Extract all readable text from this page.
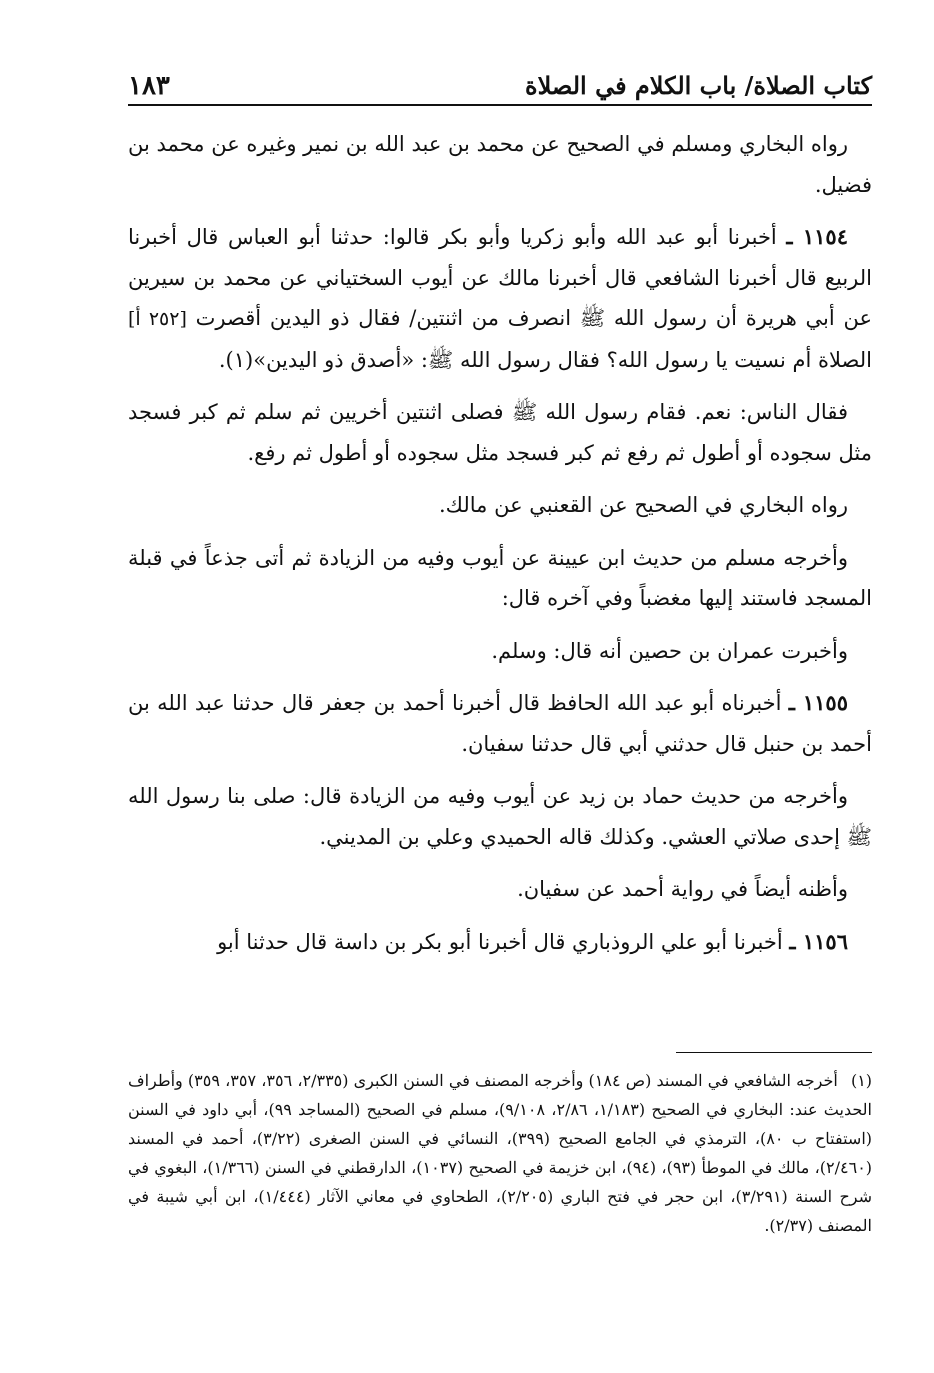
كتاب الصلاة/ باب الكلام في الصلاة
١٨٣

رواه البخاري ومسلم في الصحيح عن محمد بن عبد الله بن نمير وغيره عن محمد بن فضيل.

١١٥٤ ـ أخبرنا أبو عبد الله وأبو زكريا وأبو بكر قالوا: حدثنا أبو العباس قال أخبرنا الربيع قال أخبرنا الشافعي قال أخبرنا مالك عن أيوب السختياني عن محمد بن سيرين عن أبي هريرة أن رسول الله ﷺ انصرف من اثنتين/ فقال ذو اليدين أقصرت [٢٥٢ أ] الصلاة أم نسيت يا رسول الله؟ فقال رسول الله ﷺ: «أصدق ذو اليدين»(١).

فقال الناس: نعم. فقام رسول الله ﷺ فصلى اثنتين أخريين ثم سلم ثم كبر فسجد مثل سجوده أو أطول ثم رفع ثم كبر فسجد مثل سجوده أو أطول ثم رفع.

رواه البخاري في الصحيح عن القعنبي عن مالك.

وأخرجه مسلم من حديث ابن عيينة عن أيوب وفيه من الزيادة ثم أتى جذعاً في قبلة المسجد فاستند إليها مغضباً وفي آخره قال:

وأخبرت عمران بن حصين أنه قال: وسلم.

١١٥٥ ـ أخبرناه أبو عبد الله الحافظ قال أخبرنا أحمد بن جعفر قال حدثنا عبد الله بن أحمد بن حنبل قال حدثني أبي قال حدثنا سفيان.

وأخرجه من حديث حماد بن زيد عن أيوب وفيه من الزيادة قال: صلى بنا رسول الله ﷺ إحدى صلاتي العشي. وكذلك قاله الحميدي وعلي بن المديني.

وأظنه أيضاً في رواية أحمد عن سفيان.

١١٥٦ ـ أخبرنا أبو علي الروذباري قال أخبرنا أبو بكر بن داسة قال حدثنا أبو

(١) أخرجه الشافعي في المسند (ص ١٨٤) وأخرجه المصنف في السنن الكبرى (٢/٣٣٥، ٣٥٦، ٣٥٧، ٣٥٩) وأطراف الحديث عند: البخاري في الصحيح (١/١٨٣، ٢/٨٦، ٩/١٠٨)، مسلم في الصحيح (المساجد ٩٩)، أبي داود في السنن (استفتاح ب ٨٠)، الترمذي في الجامع الصحيح (٣٩٩)، النسائي في السنن الصغرى (٣/٢٢)، أحمد في المسند (٢/٤٦٠)، مالك في الموطأ (٩٣)، (٩٤)، ابن خزيمة في الصحيح (١٠٣٧)، الدارقطني في السنن (١/٣٦٦)، البغوي في شرح السنة (٣/٢٩١)، ابن حجر في فتح الباري (٢/٢٠٥)، الطحاوي في معاني الآثار (١/٤٤٤)، ابن أبي شيبة في المصنف (٢/٣٧).
